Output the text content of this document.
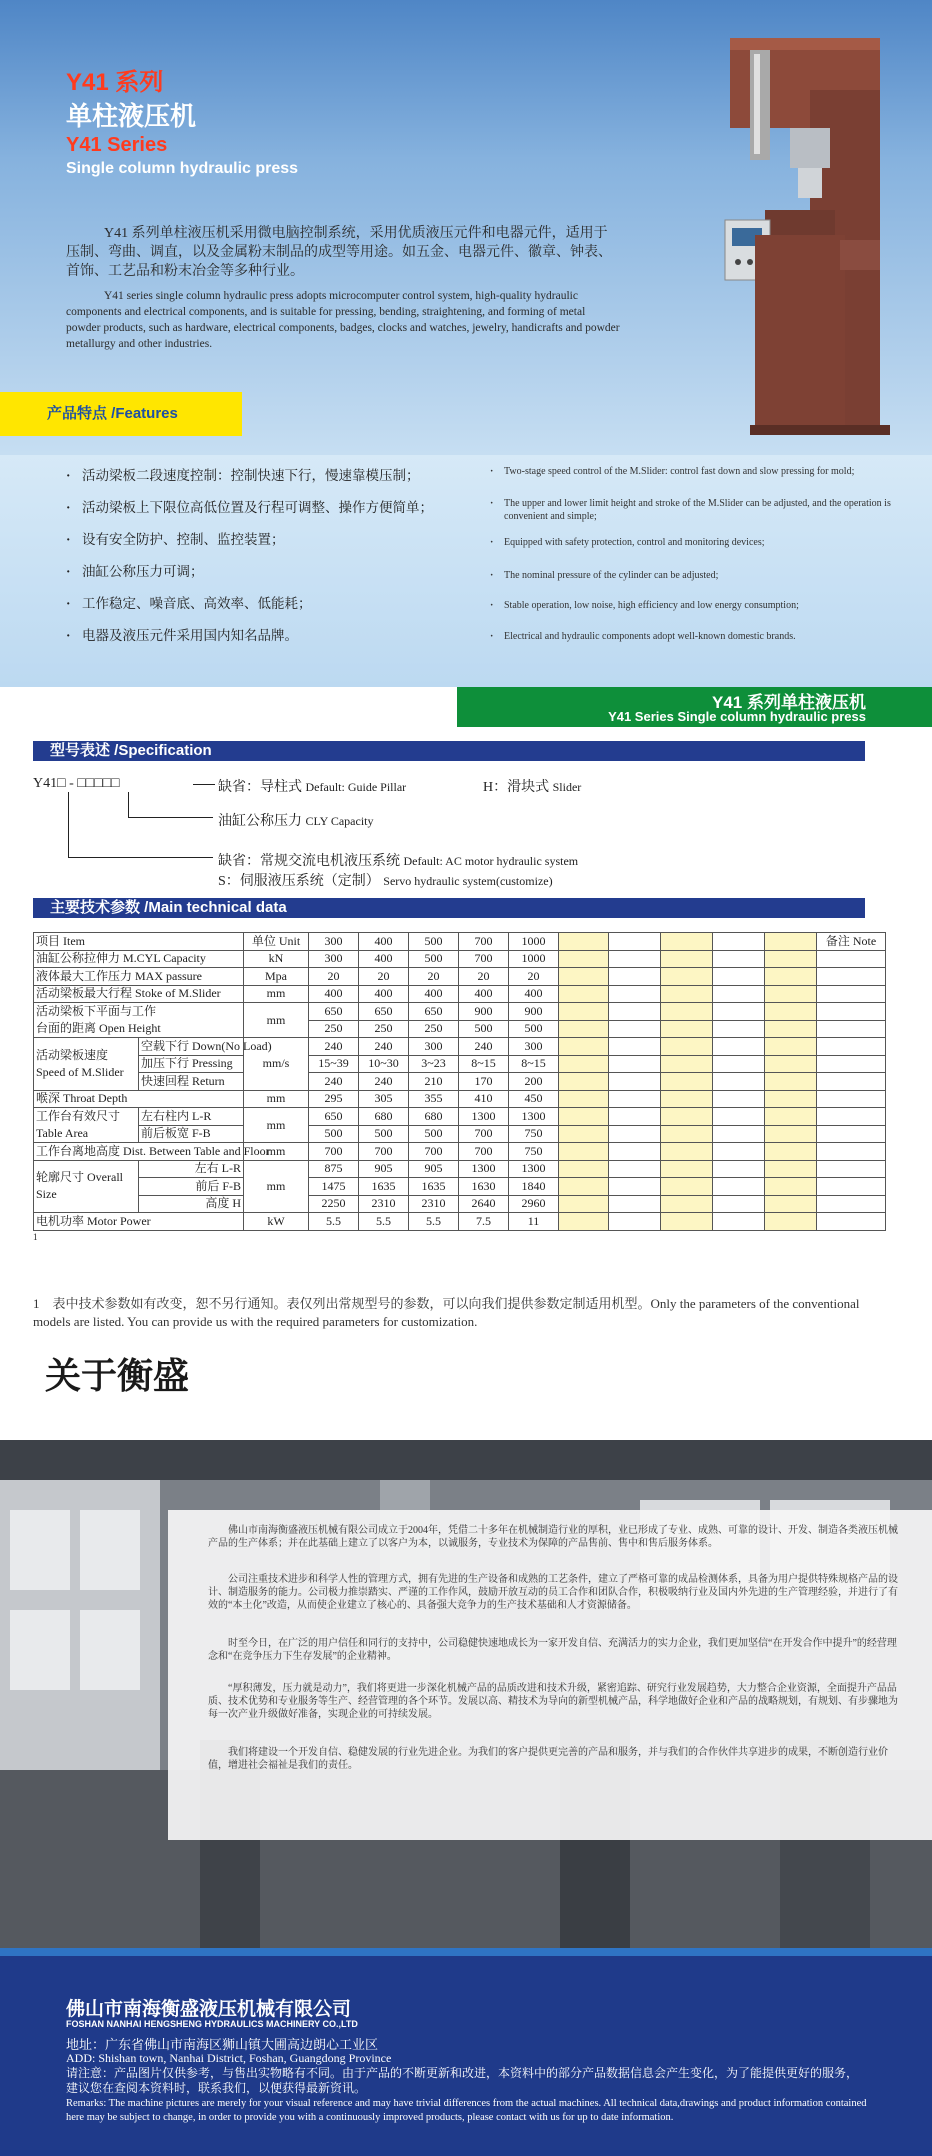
Y41 系列
单柱液压机
Y41 Series
Single column hydraulic press
Y41 系列单柱液压机采用微电脑控制系统，采用优质液压元件和电器元件，适用于压制、弯曲、调直，以及金属粉末制品的成型等用途。如五金、电器元件、徽章、钟表、首饰、工艺品和粉末冶金等多种行业。
Y41 series single column hydraulic press adopts microcomputer control system, high-quality hydraulic components and electrical components, and is suitable for pressing, bending, straightening, and forming of metal powder products, such as hardware, electrical components, badges, clocks and watches, jewelry, handicrafts and powder metallurgy and other industries.
产品特点 /Features
· 活动梁板二段速度控制：控制快速下行，慢速靠模压制；
· 活动梁板上下限位高低位置及行程可调整、操作方便简单；
· 设有安全防护、控制、监控装置；
· 油缸公称压力可调；
· 工作稳定、噪音底、高效率、低能耗；
· 电器及液压元件采用国内知名品牌。
· Two-stage speed control of the M.Slider: control fast down and slow pressing for mold;
· The upper and lower limit height and stroke of the M.Slider can be adjusted, and the operation is convenient and simple;
· Equipped with safety protection, control and monitoring devices;
· The nominal pressure of the cylinder can be adjusted;
· Stable operation, low noise, high efficiency and low energy consumption;
· Electrical and hydraulic components adopt well-known domestic brands.
Y41 系列单柱液压机
Y41 Series Single column hydraulic press
型号表述 /Specification
Y41□ - □□□□□	缺省：导柱式 Default: Guide Pillar	H：滑块式 Slider
油缸公称压力 CLY Capacity
缺省：常规交流电机液压系统 Default: AC motor hydraulic system
S：伺服液压系统（定制） Servo hydraulic system(customize)
主要技术参数 /Main technical data
项目 Item		单位 Unit	300	400	500	700	1000						备注 Note
油缸公称拉伸力 M.CYL Capacity		kN	300	400	500	700	1000						
液体最大工作压力 MAX passure		Mpa	20	20	20	20	20						
活动梁板最大行程 Stoke of M.Slider		mm	400	400	400	400	400						
活动梁板下平面与工作台面的距离 Open Height		mm	650	650	650	900	900						
			250	250	250	500	500						
活动梁板速度 Speed of M.Slider	空载下行 Down(No Load)	mm/s	240	240	300	240	300						
	加压下行 Pressing		15~39	10~30	3~23	8~15	8~15						
	快速回程 Return		240	240	210	170	200						
喉深 Throat Depth		mm	295	305	355	410	450						
工作台有效尺寸 Table Area	左右柱内 L-R	mm	650	680	680	1300	1300						
	前后板宽 F-B		500	500	500	700	750						
工作台离地高度 Dist. Between Table and Floor		mm	700	700	700	700	750						
轮廓尺寸 Overall Size	左右 L-R	mm	875	905	905	1300	1300						
	前后 F-B		1475	1635	1635	1630	1840						
	高度 H		2250	2310	2310	2640	2960						
电机功率 Motor Power		kW	5.5	5.5	5.5	7.5	11						
1
1　表中技术参数如有改变，恕不另行通知。表仅列出常规型号的参数，可以向我们提供参数定制适用机型。Only the parameters of the conventional models are listed. You can provide us with the required parameters for customization.
关于衡盛

佛山市南海衡盛液压机械有限公司成立于2004年，凭借二十多年在机械制造行业的厚积，业已形成了专业、成熟、可靠的设计、开发、制造各类液压机械产品的生产体系；并在此基础上建立了以客户为本，以诚服务，专业技术为保障的产品售前、售中和售后服务体系。

公司注重技术进步和科学人性的管理方式，拥有先进的生产设备和成熟的工艺条件，建立了严格可靠的成品检测体系，具备为用户提供特殊规格产品的设计、制造服务的能力。公司极力推崇踏实、严谨的工作作风，鼓励开放互动的员工合作和团队合作，积极吸纳行业及国内外先进的生产管理经验，并进行了有效的“本土化”改造，从而使企业建立了核心的、具备强大竞争力的生产技术基础和人才资源储备。

时至今日，在广泛的用户信任和同行的支持中，公司稳健快速地成长为一家开发自信、充满活力的实力企业，我们更加坚信“在开发合作中提升”的经营理念和“在竞争压力下生存发展”的企业精神。

“厚积薄发，压力就是动力”，我们将更进一步深化机械产品的品质改进和技术升级，紧密追踪、研究行业发展趋势，大力整合企业资源，全面提升产品品质、技术优势和专业服务等生产、经营管理的各个环节。发展以高、精技术为导向的新型机械产品，科学地做好企业和产品的战略规划，有规划、有步骤地为每一次产业升级做好准备，实现企业的可持续发展。

我们将建设一个开发自信、稳健发展的行业先进企业。为我们的客户提供更完善的产品和服务，并与我们的合作伙伴共享进步的成果，不断创造行业价值，增进社会福祉是我们的责任。

佛山市南海衡盛液压机械有限公司
FOSHAN NANHAI HENGSHENG HYDRAULICS MACHINERY CO.,LTD
地址：广东省佛山市南海区狮山镇大圃高边朗心工业区
ADD: Shishan town, Nanhai District, Foshan, Guangdong Province
请注意：产品图片仅供参考，与售出实物略有不同。由于产品的不断更新和改进，本资料中的部分产品数据信息会产生变化，为了能提供更好的服务，建议您在查阅本资料时，联系我们，以便获得最新资讯。
Remarks: The machine pictures are merely for your visual reference and may have trivial differences from the actual machines. All technical data,drawings and product information contained here may be subject to change, in order to provide you with a continuously improved products, please contact with us for up to date information.
